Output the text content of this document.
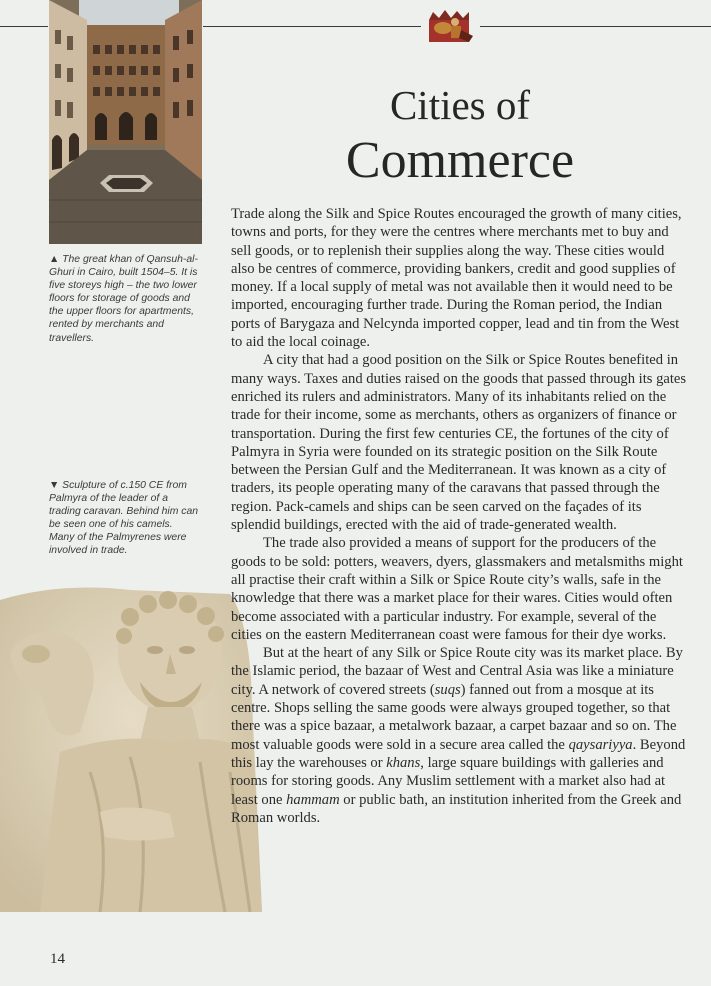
▲ The great khan of Qansuh-al-Ghuri in Cairo, built 1504–5. It is five storeys high – the two lower floors for storage of goods and the upper floors for apartments, rented by merchants and travellers.

▼ Sculpture of c.150 CE from Palmyra of the leader of a trading caravan. Behind him can be seen one of his camels. Many of the Palmyrenes were involved in trade.

Cities of
Commerce

Trade along the Silk and Spice Routes encouraged the growth of many cities, towns and ports, for they were the centres where merchants met to buy and sell goods, or to replenish their supplies along the way. These cities would also be centres of commerce, providing bankers, credit and good supplies of money. If a local supply of metal was not available then it would need to be imported, encouraging further trade. During the Roman period, the Indian ports of Barygaza and Nelcynda imported copper, lead and tin from the West to aid the local coinage.

A city that had a good position on the Silk or Spice Routes benefited in many ways. Taxes and duties raised on the goods that passed through its gates enriched its rulers and administrators. Many of its inhabitants relied on the trade for their income, some as merchants, others as organizers of finance or transportation. During the first few centuries CE, the fortunes of the city of Palmyra in Syria were founded on its strategic position on the Silk Route between the Persian Gulf and the Mediterranean. It was known as a city of traders, its people operating many of the caravans that passed through the region. Pack-camels and ships can be seen carved on the façades of its splendid buildings, erected with the aid of trade-generated wealth.

The trade also provided a means of support for the producers of the goods to be sold: potters, weavers, dyers, glassmakers and metalsmiths might all practise their craft within a Silk or Spice Route city’s walls, safe in the knowledge that there was a market place for their wares. Cities would often become associated with a particular industry. For example, several of the cities on the eastern Mediterranean coast were famous for their dye works.

But at the heart of any Silk or Spice Route city was its market place. By the Islamic period, the bazaar of West and Central Asia was like a miniature city. A network of covered streets (suqs) fanned out from a mosque at its centre. Shops selling the same goods were always grouped together, so that there was a spice bazaar, a metalwork bazaar, a carpet bazaar and so on. The most valuable goods were sold in a secure area called the qaysariyya. Beyond this lay the warehouses or khans, large square buildings with galleries and rooms for storing goods. Any Muslim settlement with a market also had at least one hammam or public bath, an institution inherited from the Greek and Roman worlds.

14
